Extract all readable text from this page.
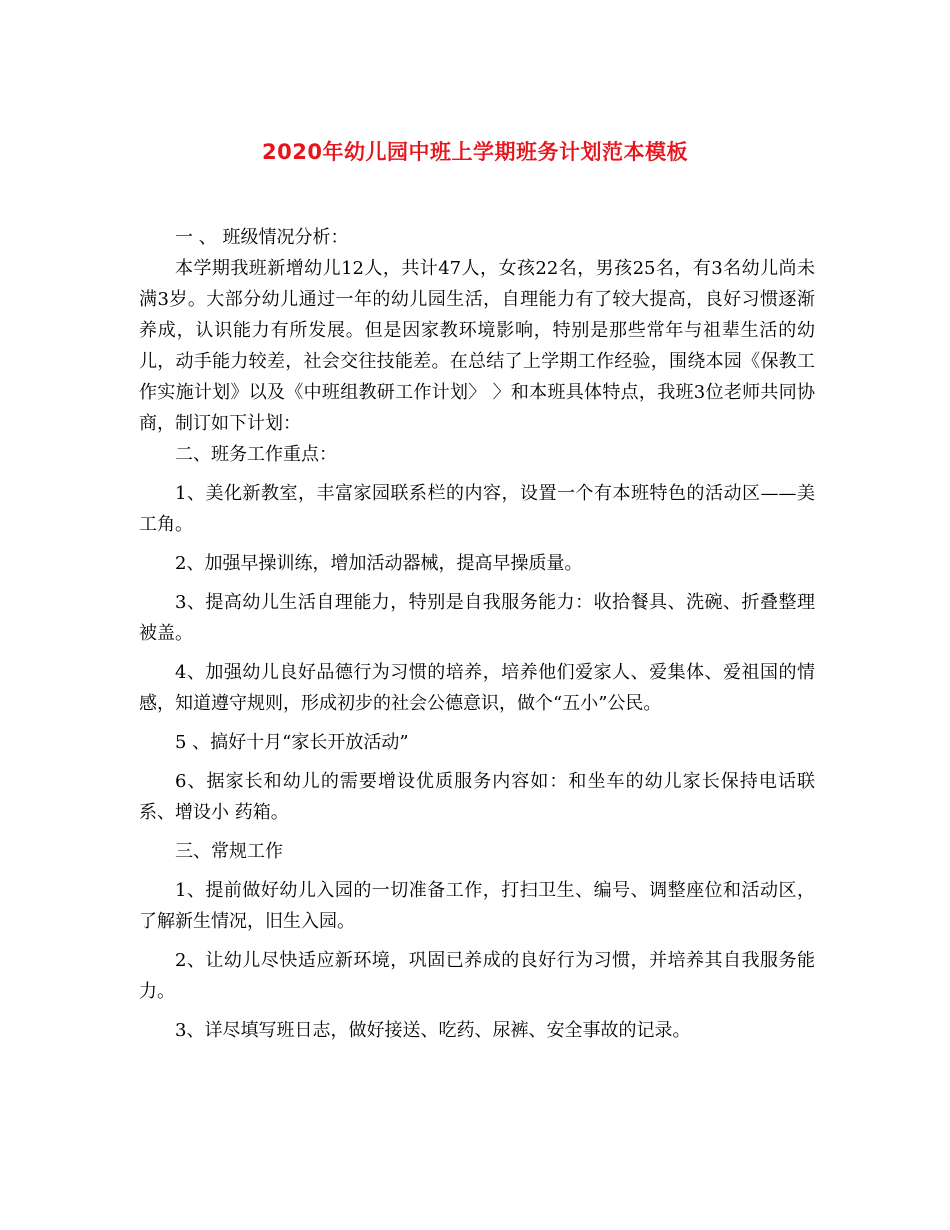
2020年幼儿园中班上学期班务计划范本模板

一 、 班级情况分析：

本学期我班新增幼儿12人，共计47人，女孩22名，男孩25名，有3名幼儿尚未满3岁。大部分幼儿通过一年的幼儿园生活，自理能力有了较大提高，良好习惯逐渐养成，认识能力有所发展。但是因家教环境影响，特别是那些常年与祖辈生活的幼儿，动手能力较差，社会交往技能差。在总结了上学期工作经验，围绕本园《保教工作实施计划》以及《中班组教研工作计划〉 〉和本班具体特点，我班3位老师共同协商，制订如下计划：

二、班务工作重点：

1、美化新教室，丰富家园联系栏的内容，设置一个有本班特色的活动区——美工角。

2、加强早操训练，增加活动器械，提高早操质量。

3、提高幼儿生活自理能力，特别是自我服务能力：收拾餐具、洗碗、折叠整理被盖。

4、加强幼儿良好品德行为习惯的培养，培养他们爱家人、爱集体、爱祖国的情感，知道遵守规则，形成初步的社会公德意识，做个“五小”公民。

5 、搞好十月“家长开放活动”

6、据家长和幼儿的需要增设优质服务内容如：和坐车的幼儿家长保持电话联系、增设小 药箱。

三、常规工作

1、提前做好幼儿入园的一切准备工作，打扫卫生、编号、调整座位和活动区，了解新生情况，旧生入园。

2、让幼儿尽快适应新环境，巩固已养成的良好行为习惯，并培养其自我服务能力。

3、详尽填写班日志，做好接送、吃药、尿裤、安全事故的记录。
